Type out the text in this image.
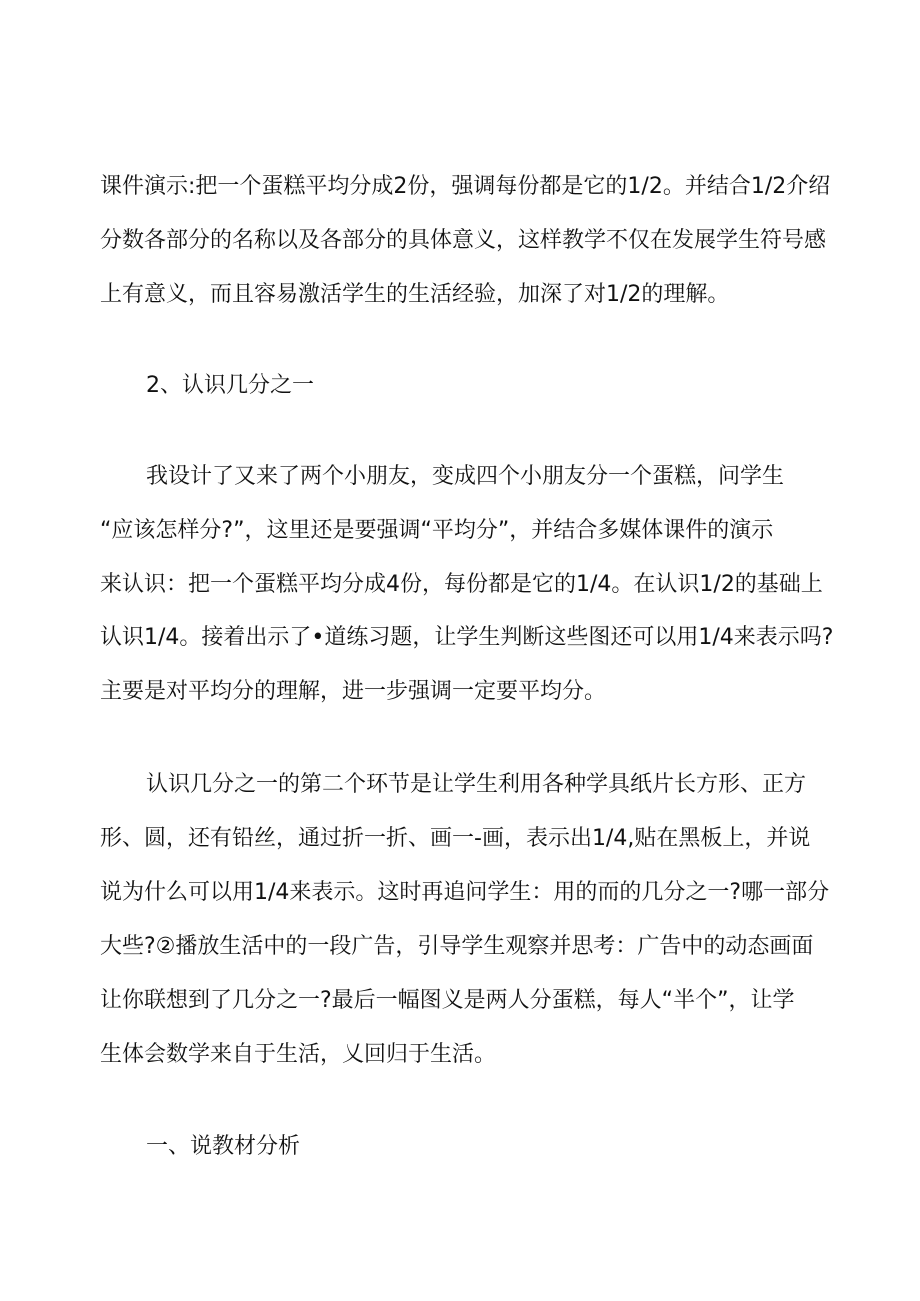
课件演示:把一个蛋糕平均分成2份，强调每份都是它的1/2。并结合1/2介绍
分数各部分的名称以及各部分的具体意义，这样教学不仅在发展学生符号感
上有意义，而且容易激活学生的生活经验，加深了对1/2的理解。
2、认识几分之一
我设计了又来了两个小朋友，变成四个小朋友分一个蛋糕，问学生
“应该怎样分?”，这里还是要强调“平均分”，并结合多媒体课件的演示
来认识：把一个蛋糕平均分成4份，每份都是它的1/4。在认识1/2的基础上
认识1/4。接着出示了•道练习题，让学生判断这些图还可以用1/4来表示吗?
主要是对平均分的理解，进一步强调一定要平均分。
认识几分之一的第二个环节是让学生利用各种学具纸片长方形、正方
形、圆，还有铅丝，通过折一折、画一-画，表示出1/4,贴在黑板上，并说
说为什么可以用1/4来表示。这时再追问学生：用的而的几分之一?哪一部分
大些?②播放生活中的一段广告，引导学生观察并思考：广告中的动态画面
让你联想到了几分之一?最后一幅图义是两人分蛋糕，每人“半个”，让学
生体会数学来自于生活，乂回归于生活。
一、说教材分析
